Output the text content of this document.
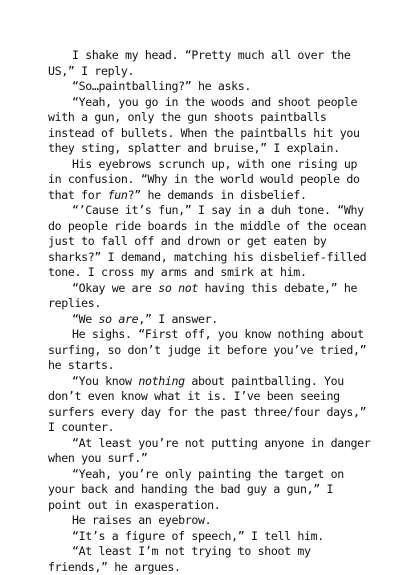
I shake my head. “Pretty much all over the US,” I reply.

“So…paintballing?” he asks.

“Yeah, you go in the woods and shoot people with a gun, only the gun shoots paintballs instead of bullets. When the paintballs hit you they sting, splatter and bruise,” I explain.

His eyebrows scrunch up, with one rising up in confusion. “Why in the world would people do that for fun?” he demands in disbelief.

“’Cause it’s fun,” I say in a duh tone. “Why do people ride boards in the middle of the ocean just to fall off and drown or get eaten by sharks?” I demand, matching his disbelief-filled tone. I cross my arms and smirk at him.

“Okay we are so not having this debate,” he replies.

“We so are,” I answer.

He sighs. “First off, you know nothing about surfing, so don’t judge it before you’ve tried,” he starts.

“You know nothing about paintballing. You don’t even know what it is. I’ve been seeing surfers every day for the past three/four days,” I counter.

“At least you’re not putting anyone in danger when you surf.”

“Yeah, you’re only painting the target on your back and handing the bad guy a gun,” I point out in exasperation.

He raises an eyebrow.

“It’s a figure of speech,” I tell him.

“At least I’m not trying to shoot my friends,” he argues.
